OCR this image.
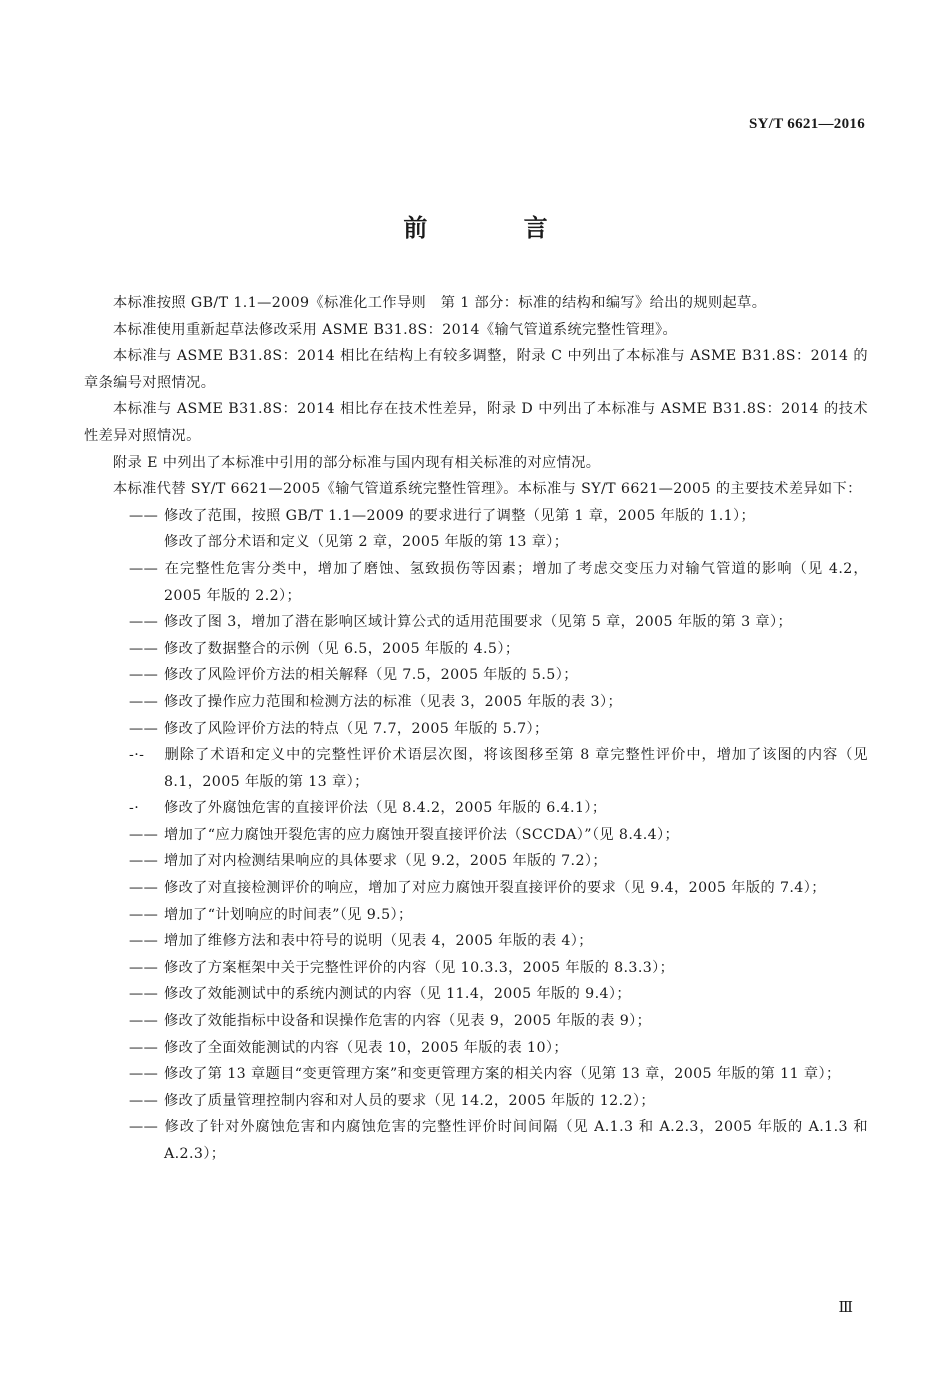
SY/T 6621—2016
前 言

本标准按照 GB/T 1.1—2009《标准化工作导则　第 1 部分：标准的结构和编写》给出的规则起草。

本标准使用重新起草法修改采用 ASME B31.8S：2014《输气管道系统完整性管理》。

本标准与 ASME B31.8S：2014 相比在结构上有较多调整，附录 C 中列出了本标准与 ASME B31.8S：2014 的章条编号对照情况。

本标准与 ASME B31.8S：2014 相比存在技术性差异，附录 D 中列出了本标准与 ASME B31.8S：2014 的技术性差异对照情况。

附录 E 中列出了本标准中引用的部分标准与国内现有相关标准的对应情况。

本标准代替 SY/T 6621—2005《输气管道系统完整性管理》。本标准与 SY/T 6621—2005 的主要技术差异如下：

—— 修改了范围，按照 GB/T 1.1—2009 的要求进行了调整（见第 1 章，2005 年版的 1.1）；

修改了部分术语和定义（见第 2 章，2005 年版的第 13 章）；

—— 在完整性危害分类中，增加了磨蚀、氢致损伤等因素；增加了考虑交变压力对输气管道的影响（见 4.2，2005 年版的 2.2）；

—— 修改了图 3，增加了潜在影响区域计算公式的适用范围要求（见第 5 章，2005 年版的第 3 章）；

—— 修改了数据整合的示例（见 6.5，2005 年版的 4.5）；

—— 修改了风险评价方法的相关解释（见 7.5，2005 年版的 5.5）；

—— 修改了操作应力范围和检测方法的标准（见表 3，2005 年版的表 3）；

—— 修改了风险评价方法的特点（见 7.7，2005 年版的 5.7）；

-·- 删除了术语和定义中的完整性评价术语层次图，将该图移至第 8 章完整性评价中，增加了该图的内容（见 8.1，2005 年版的第 13 章）；

-· 修改了外腐蚀危害的直接评价法（见 8.4.2，2005 年版的 6.4.1）；

—— 增加了“应力腐蚀开裂危害的应力腐蚀开裂直接评价法（SCCDA）”（见 8.4.4）；

—— 增加了对内检测结果响应的具体要求（见 9.2，2005 年版的 7.2）；

—— 修改了对直接检测评价的响应，增加了对应力腐蚀开裂直接评价的要求（见 9.4，2005 年版的 7.4）；

—— 增加了“计划响应的时间表”（见 9.5）；

—— 增加了维修方法和表中符号的说明（见表 4，2005 年版的表 4）；

—— 修改了方案框架中关于完整性评价的内容（见 10.3.3，2005 年版的 8.3.3）；

—— 修改了效能测试中的系统内测试的内容（见 11.4，2005 年版的 9.4）；

—— 修改了效能指标中设备和误操作危害的内容（见表 9，2005 年版的表 9）；

—— 修改了全面效能测试的内容（见表 10，2005 年版的表 10）；

—— 修改了第 13 章题目“变更管理方案”和变更管理方案的相关内容（见第 13 章，2005 年版的第 11 章）；

—— 修改了质量管理控制内容和对人员的要求（见 14.2，2005 年版的 12.2）；

—— 修改了针对外腐蚀危害和内腐蚀危害的完整性评价时间间隔（见 A.1.3 和 A.2.3，2005 年版的 A.1.3 和 A.2.3）；

Ⅲ
